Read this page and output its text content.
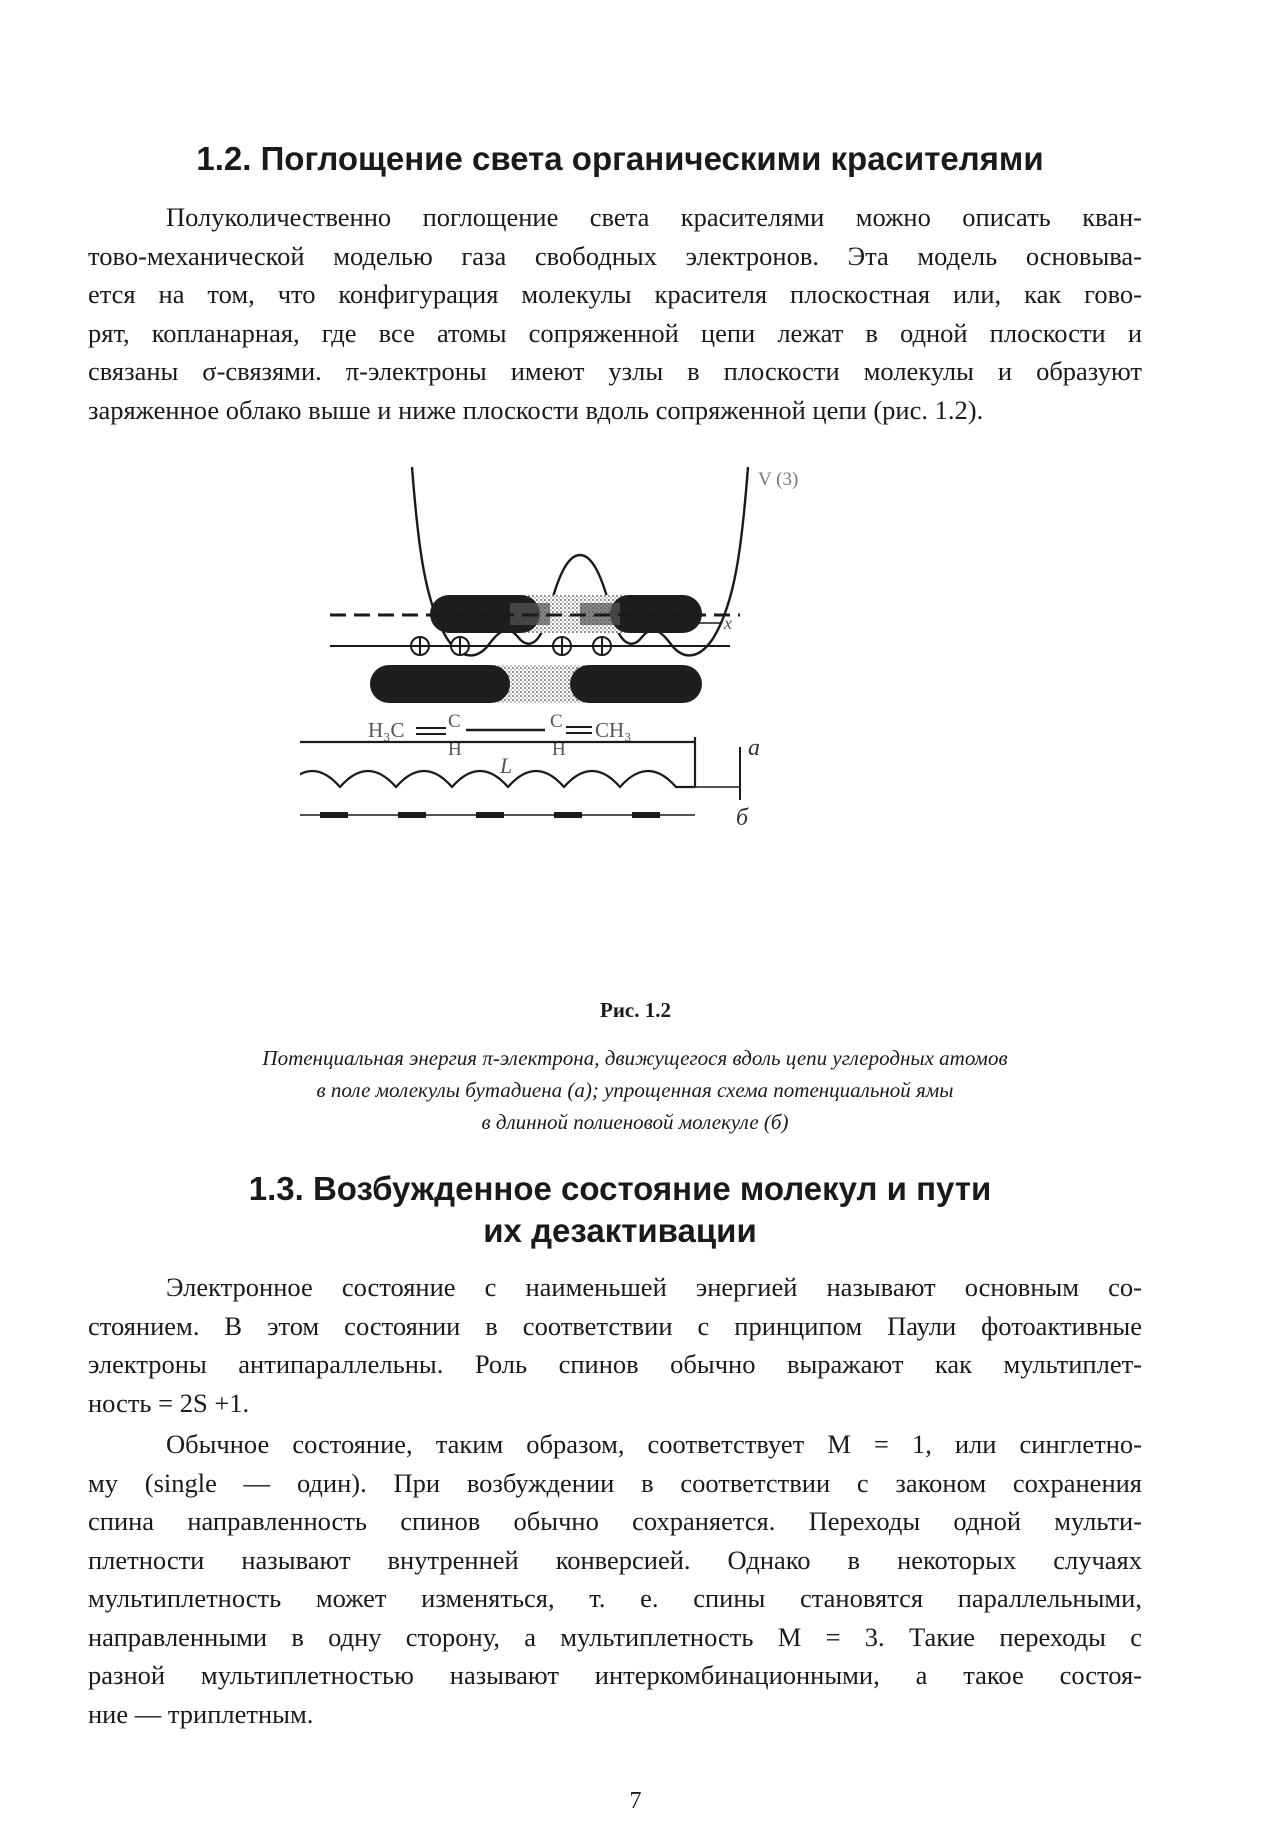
1.2. Поглощение света органическими красителями
Полуколичественно поглощение света красителями можно описать кван-
тово-механической моделью газа свободных электронов. Эта модель основыва-
ется на том, что конфигурация молекулы красителя плоскостная или, как гово-
рят, копланарная, где все атомы сопряженной цепи лежат в одной плоскости и
связаны σ-связями. π-электроны имеют узлы в плоскости молекулы и образуют
заряженное облако выше и ниже плоскости вдоль сопряженной цепи (рис. 1.2).
V (3)
x
H₃C C
H
C
H
CH₃
L
а
б
Рис. 1.2
Потенциальная энергия π-электрона, движущегося вдоль цепи углеродных атомов
в поле молекулы бутадиена (а); упрощенная схема потенциальной ямы
в длинной полиеновой молекуле (б)
1.3. Возбужденное состояние молекул и пути
их дезактивации
Электронное состояние с наименьшей энергией называют основным со-
стоянием. В этом состоянии в соответствии с принципом Паули фотоактивные
электроны антипараллельны. Роль спинов обычно выражают как мультиплет-
ность = 2S +1.
Обычное состояние, таким образом, соответствует M = 1, или синглетно-
му (single — один). При возбуждении в соответствии с законом сохранения
спина направленность спинов обычно сохраняется. Переходы одной мульти-
плетности называют внутренней конверсией. Однако в некоторых случаях
мультиплетность может изменяться, т. е. спины становятся параллельными,
направленными в одну сторону, а мультиплетность M = 3. Такие переходы с
разной мультиплетностью называют интеркомбинационными, а такое состоя-
ние — триплетным.
7
